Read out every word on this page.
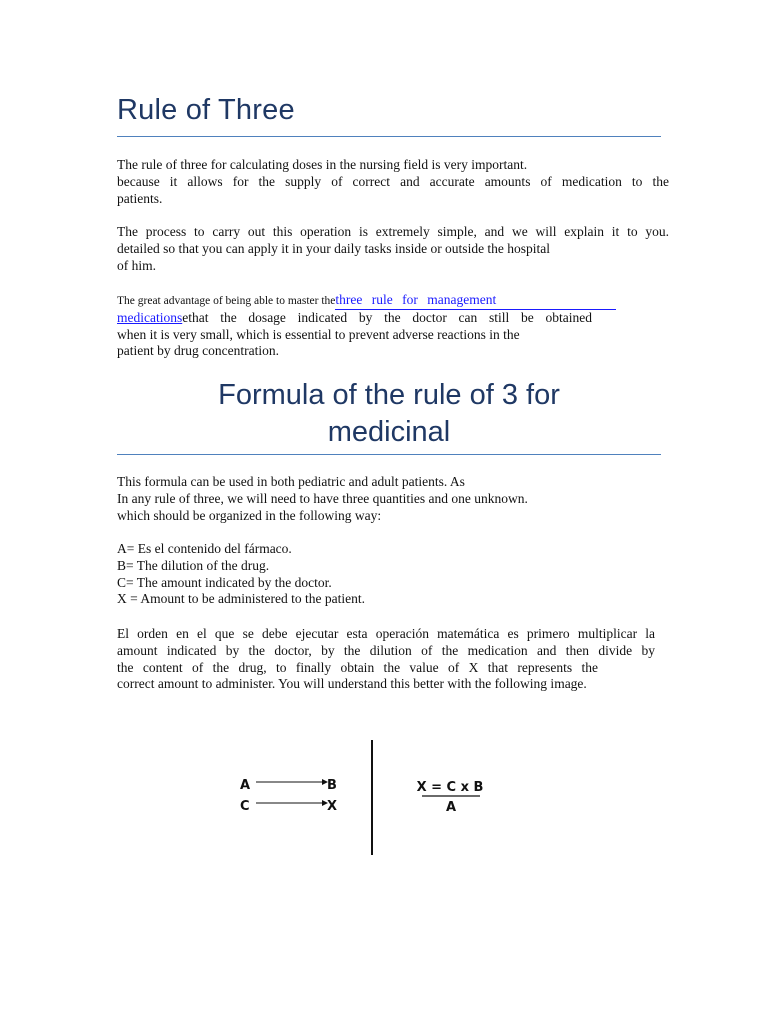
Rule of Three
The rule of three for calculating doses in the nursing field is very important.
because it allows for the supply of correct and accurate amounts of medication to the
patients.
The process to carry out this operation is extremely simple, and we will explain it to you.
detailed so that you can apply it in your daily tasks inside or outside the hospital
of him.
The great advantage of being able to master thethree rule for management
medicationsethat the dosage indicated by the doctor can still be obtained
when it is very small, which is essential to prevent adverse reactions in the
patient by drug concentration.
Formula of the rule of 3 for
medicinal
This formula can be used in both pediatric and adult patients. As
In any rule of three, we will need to have three quantities and one unknown.
which should be organized in the following way:
A= Es el contenido del fármaco.
B= The dilution of the drug.
C= The amount indicated by the doctor.
X = Amount to be administered to the patient.
El orden en el que se debe ejecutar esta operación matemática es primero multiplicar la
amount indicated by the doctor, by the dilution of the medication and then divide by
the content of the drug, to finally obtain the value of X that represents the
correct amount to administer. You will understand this better with the following image.
A	B
C	X
X = C x B
A
